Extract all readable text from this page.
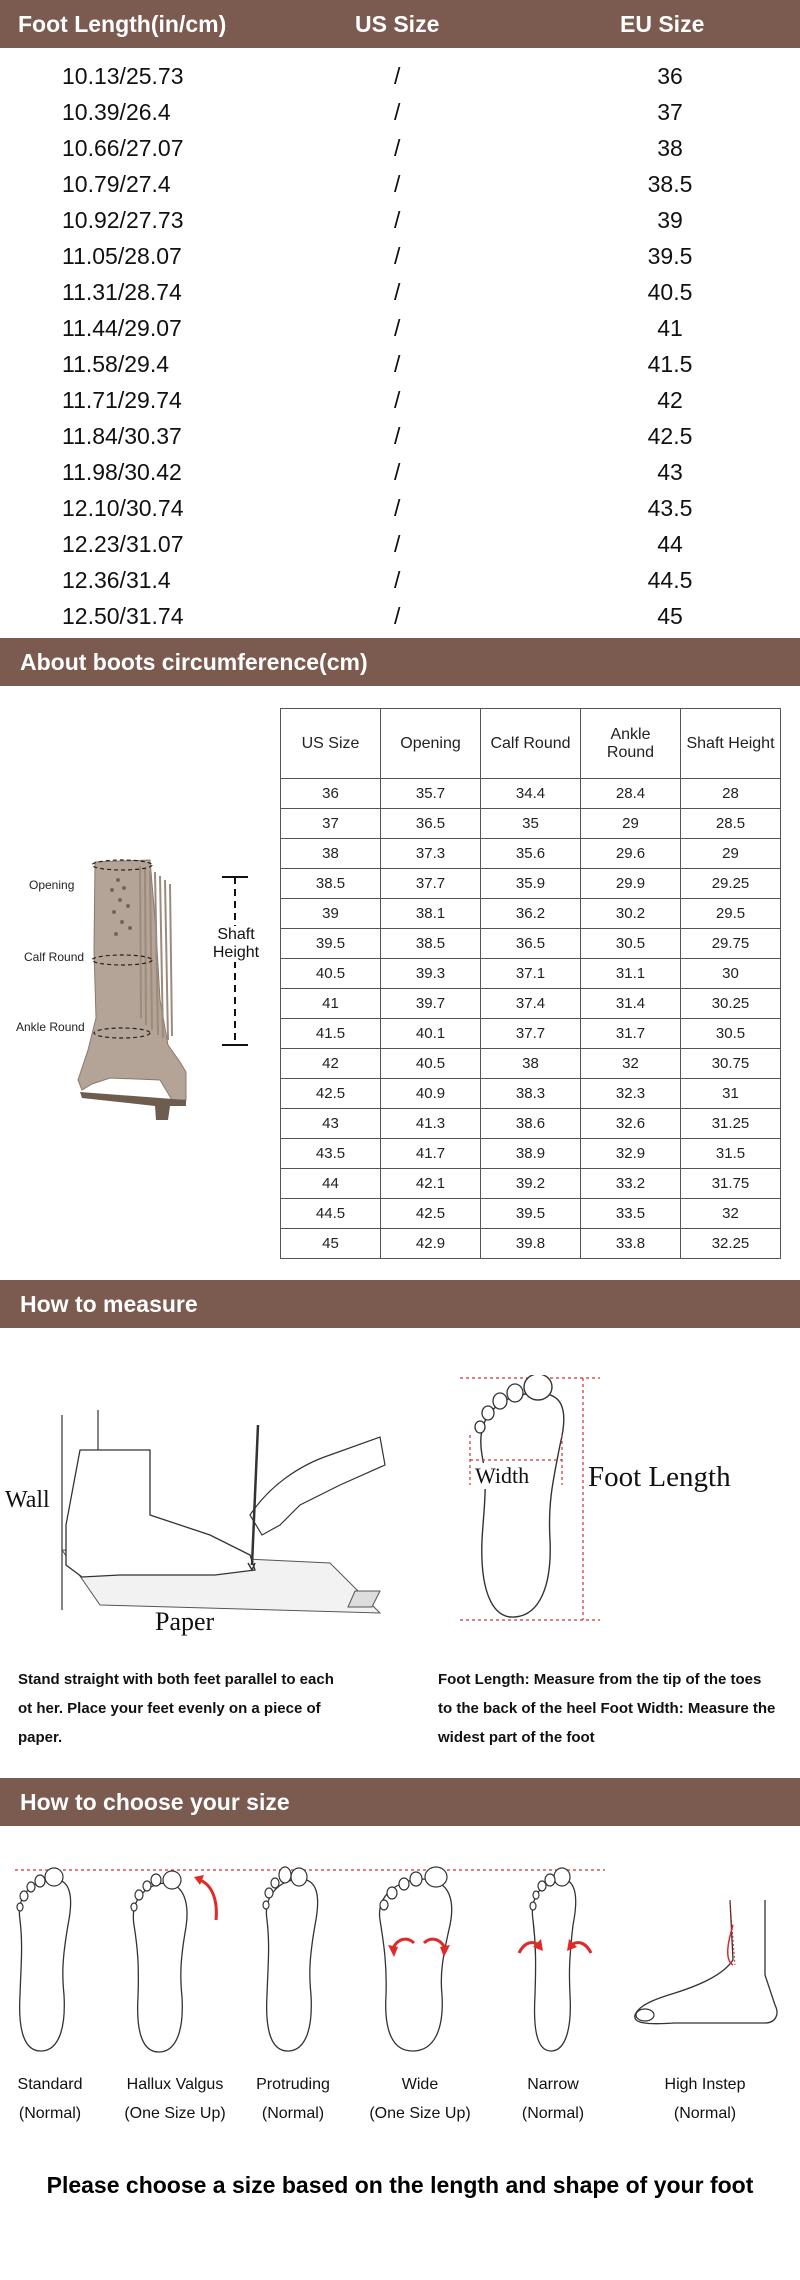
Foot Length(in/cm)	US Size	EU Size
10.13/25.73	/	36
10.39/26.4	/	37
10.66/27.07	/	38
10.79/27.4	/	38.5
10.92/27.73	/	39
11.05/28.07	/	39.5
11.31/28.74	/	40.5
11.44/29.07	/	41
11.58/29.4	/	41.5
11.71/29.74	/	42
11.84/30.37	/	42.5
11.98/30.42	/	43
12.10/30.74	/	43.5
12.23/31.07	/	44
12.36/31.4	/	44.5
12.50/31.74	/	45
About boots circumference(cm)
Opening
Calf Round
Ankle Round
Shaft Height
US Size	Opening	Calf Round	Ankle Round	Shaft Height
36	35.7	34.4	28.4	28
37	36.5	35	29	28.5
38	37.3	35.6	29.6	29
38.5	37.7	35.9	29.9	29.25
39	38.1	36.2	30.2	29.5
39.5	38.5	36.5	30.5	29.75
40.5	39.3	37.1	31.1	30
41	39.7	37.4	31.4	30.25
41.5	40.1	37.7	31.7	30.5
42	40.5	38	32	30.75
42.5	40.9	38.3	32.3	31
43	41.3	38.6	32.6	31.25
43.5	41.7	38.9	32.9	31.5
44	42.1	39.2	33.2	31.75
44.5	42.5	39.5	33.5	32
45	42.9	39.8	33.8	32.25
How to measure
Wall
Paper
Width Foot Length
Stand straight with both feet parallel to each ot her. Place your feet evenly on a piece of paper.
Foot Length: Measure from the tip of the toes to the back of the heel Foot Width: Measure the widest part of the foot
How to choose your size
Standard
(Normal)
Hallux Valgus
(One Size Up)
Protruding
(Normal)
Wide
(One Size Up)
Narrow
(Normal)
High Instep
(Normal)
Please choose a size based on the length and shape of your foot
